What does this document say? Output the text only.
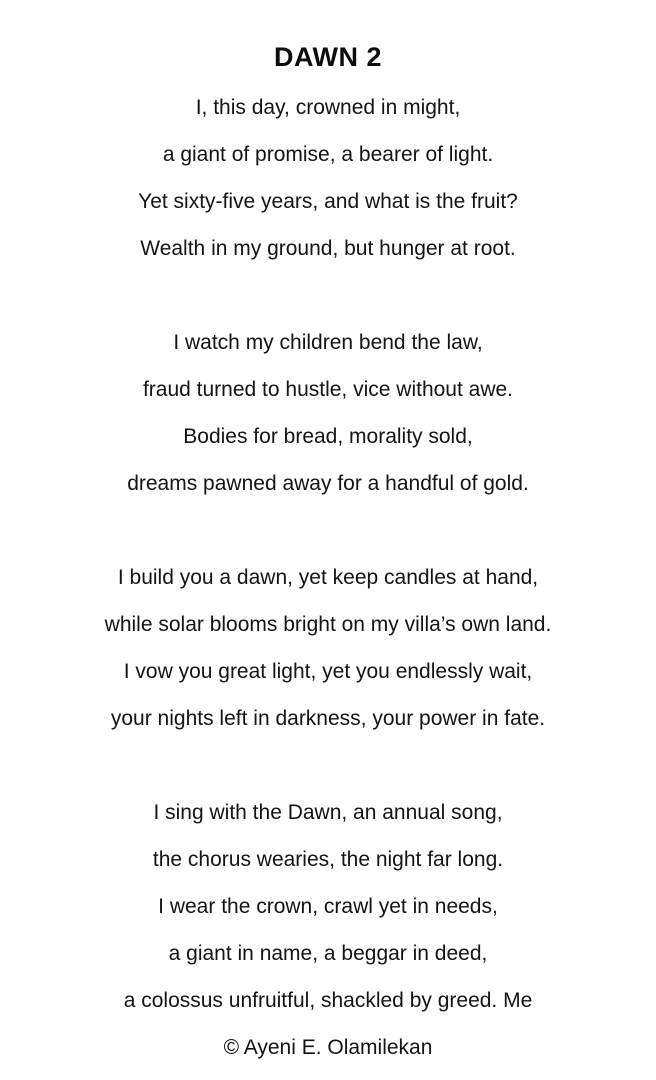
DAWN 2

I, this day, crowned in might,

a giant of promise, a bearer of light.

Yet sixty-five years, and what is the fruit?

Wealth in my ground, but hunger at root.

I watch my children bend the law,

fraud turned to hustle, vice without awe.

Bodies for bread, morality sold,

dreams pawned away for a handful of gold.

I build you a dawn, yet keep candles at hand,

while solar blooms bright on my villa’s own land.

I vow you great light, yet you endlessly wait,

your nights left in darkness, your power in fate.

I sing with the Dawn, an annual song,

the chorus wearies, the night far long.

I wear the crown, crawl yet in needs,

a giant in name, a beggar in deed,

a colossus unfruitful, shackled by greed. Me

© Ayeni E. Olamilekan
